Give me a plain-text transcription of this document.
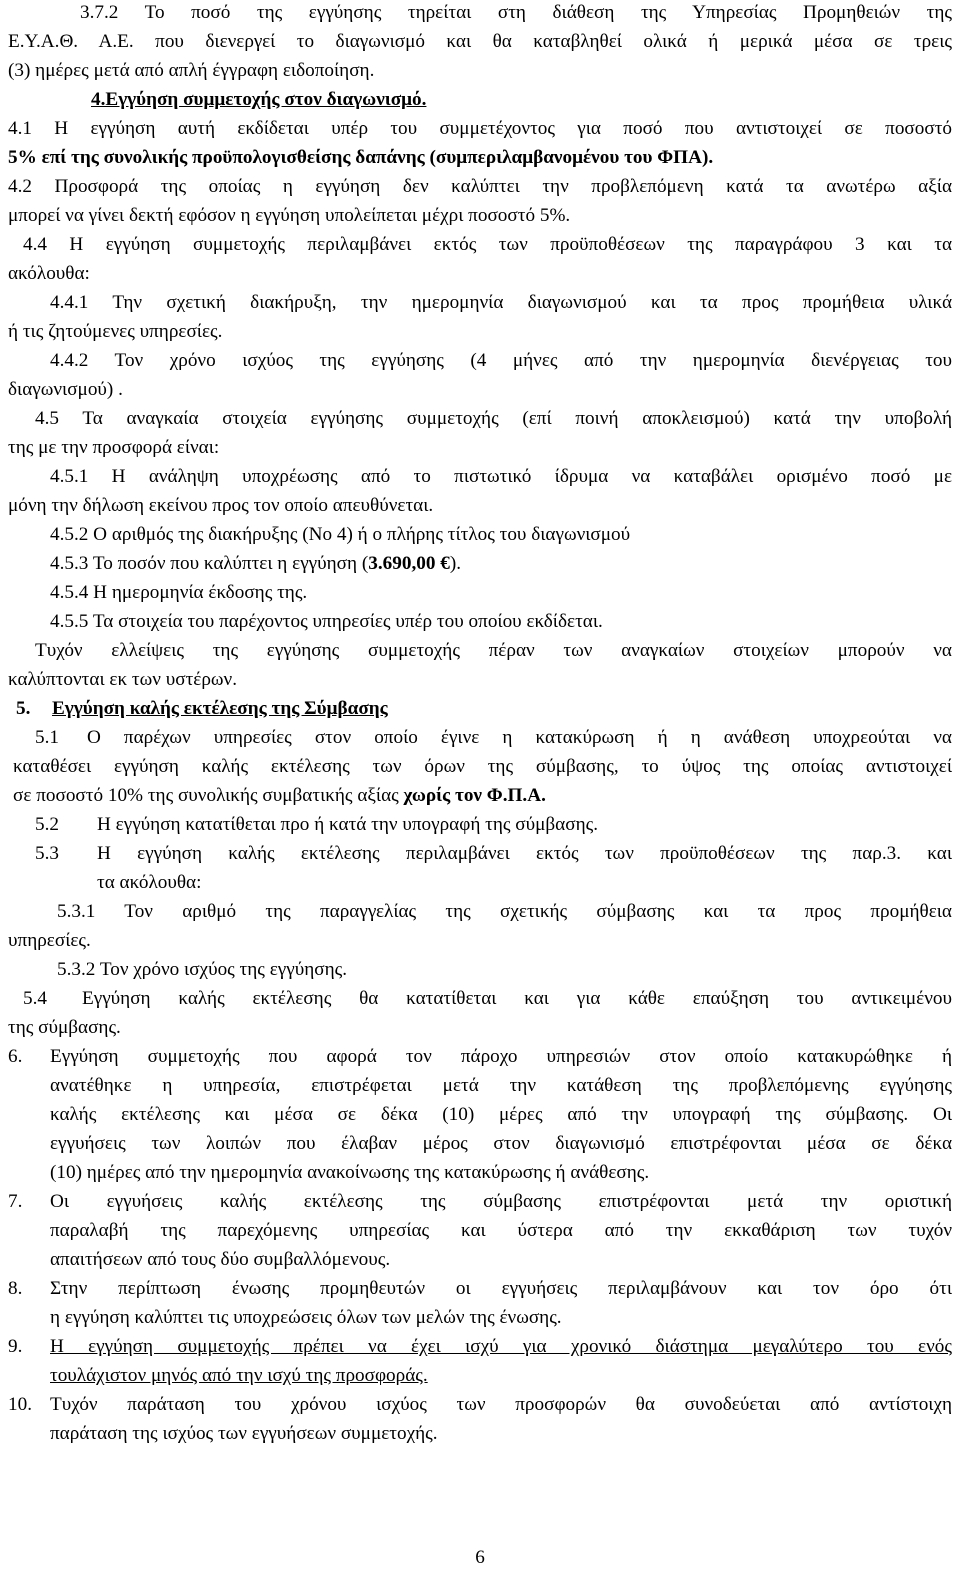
3.7.2 Το ποσό της εγγύησης τηρείται στη διάθεση της Υπηρεσίας Προμηθειών της
Ε.Υ.Α.Θ. Α.Ε. που διενεργεί το διαγωνισμό και θα καταβληθεί ολικά ή μερικά μέσα σε τρεις
(3) ημέρες μετά από απλή έγγραφη ειδοποίηση.
4.Εγγύηση συμμετοχής στον διαγωνισμό.
4.1 Η εγγύηση αυτή εκδίδεται υπέρ του συμμετέχοντος για ποσό που αντιστοιχεί σε ποσοστό
5% επί της συνολικής προϋπολογισθείσης δαπάνης (συμπεριλαμβανομένου του ΦΠΑ).
4.2 Προσφορά της οποίας η εγγύηση δεν καλύπτει την προβλεπόμενη κατά τα ανωτέρω αξία
μπορεί να γίνει δεκτή εφόσον η εγγύηση υπολείπεται μέχρι ποσοστό 5%.
4.4 Η εγγύηση συμμετοχής περιλαμβάνει εκτός των προϋποθέσεων της παραγράφου 3 και τα
ακόλουθα:
4.4.1 Την σχετική διακήρυξη, την ημερομηνία διαγωνισμού και τα προς προμήθεια υλικά
ή τις ζητούμενες υπηρεσίες.
4.4.2 Τον χρόνο ισχύος της εγγύησης (4 μήνες από την ημερομηνία διενέργειας του
διαγωνισμού) .
4.5 Τα αναγκαία στοιχεία εγγύησης συμμετοχής (επί ποινή αποκλεισμού) κατά την υποβολή
της με την προσφορά είναι:
4.5.1 Η ανάληψη υποχρέωσης από το πιστωτικό ίδρυμα να καταβάλει ορισμένο ποσό με
μόνη την δήλωση εκείνου προς τον οποίο απευθύνεται.
4.5.2 Ο αριθμός της διακήρυξης (Νο 4) ή ο πλήρης τίτλος του διαγωνισμού
4.5.3 Το ποσόν που καλύπτει η εγγύηση (3.690,00 €).
4.5.4 Η ημερομηνία έκδοσης της.
4.5.5 Τα στοιχεία του παρέχοντος υπηρεσίες υπέρ του οποίου εκδίδεται.
Τυχόν ελλείψεις της εγγύησης συμμετοχής πέραν των αναγκαίων στοιχείων μπορούν να
καλύπτονται εκ των υστέρων.
5. Εγγύηση καλής εκτέλεσης της Σύμβασης
5.1 Ο παρέχων υπηρεσίες στον οποίο έγινε η κατακύρωση ή η ανάθεση υποχρεούται να
καταθέσει εγγύηση καλής εκτέλεσης των όρων της σύμβασης, το ύψος της οποίας αντιστοιχεί
σε ποσοστό 10% της συνολικής συμβατικής αξίας χωρίς τον Φ.Π.Α.
5.2 Η εγγύηση κατατίθεται προ ή κατά την υπογραφή της σύμβασης.
5.3 Η εγγύηση καλής εκτέλεσης περιλαμβάνει εκτός των προϋποθέσεων της παρ.3. και
τα ακόλουθα:
5.3.1 Τον αριθμό της παραγγελίας της σχετικής σύμβασης και τα προς προμήθεια
υπηρεσίες.
5.3.2 Τον χρόνο ισχύος της εγγύησης.
5.4 Εγγύηση καλής εκτέλεσης θα κατατίθεται και για κάθε επαύξηση του αντικειμένου
της σύμβασης.
6. Εγγύηση συμμετοχής που αφορά τον πάροχο υπηρεσιών στον οποίο κατακυρώθηκε ή
ανατέθηκε η υπηρεσία, επιστρέφεται μετά την κατάθεση της προβλεπόμενης εγγύησης
καλής εκτέλεσης και μέσα σε δέκα (10) μέρες από την υπογραφή της σύμβασης. Οι
εγγυήσεις των λοιπών που έλαβαν μέρος στον διαγωνισμό επιστρέφονται μέσα σε δέκα
(10) ημέρες από την ημερομηνία ανακοίνωσης της κατακύρωσης ή ανάθεσης.
7. Οι εγγυήσεις καλής εκτέλεσης της σύμβασης επιστρέφονται μετά την οριστική
παραλαβή της παρεχόμενης υπηρεσίας και ύστερα από την εκκαθάριση των τυχόν
απαιτήσεων από τους δύο συμβαλλόμενους.
8. Στην περίπτωση ένωσης προμηθευτών οι εγγυήσεις περιλαμβάνουν και τον όρο ότι
η εγγύηση καλύπτει τις υποχρεώσεις όλων των μελών της ένωσης.
9. Η εγγύηση συμμετοχής πρέπει να έχει ισχύ για χρονικό διάστημα μεγαλύτερο του ενός
τουλάχιστον μηνός από την ισχύ της προσφοράς.
10. Τυχόν παράταση του χρόνου ισχύος των προσφορών θα συνοδεύεται από αντίστοιχη
παράταση της ισχύος των εγγυήσεων συμμετοχής.
6
